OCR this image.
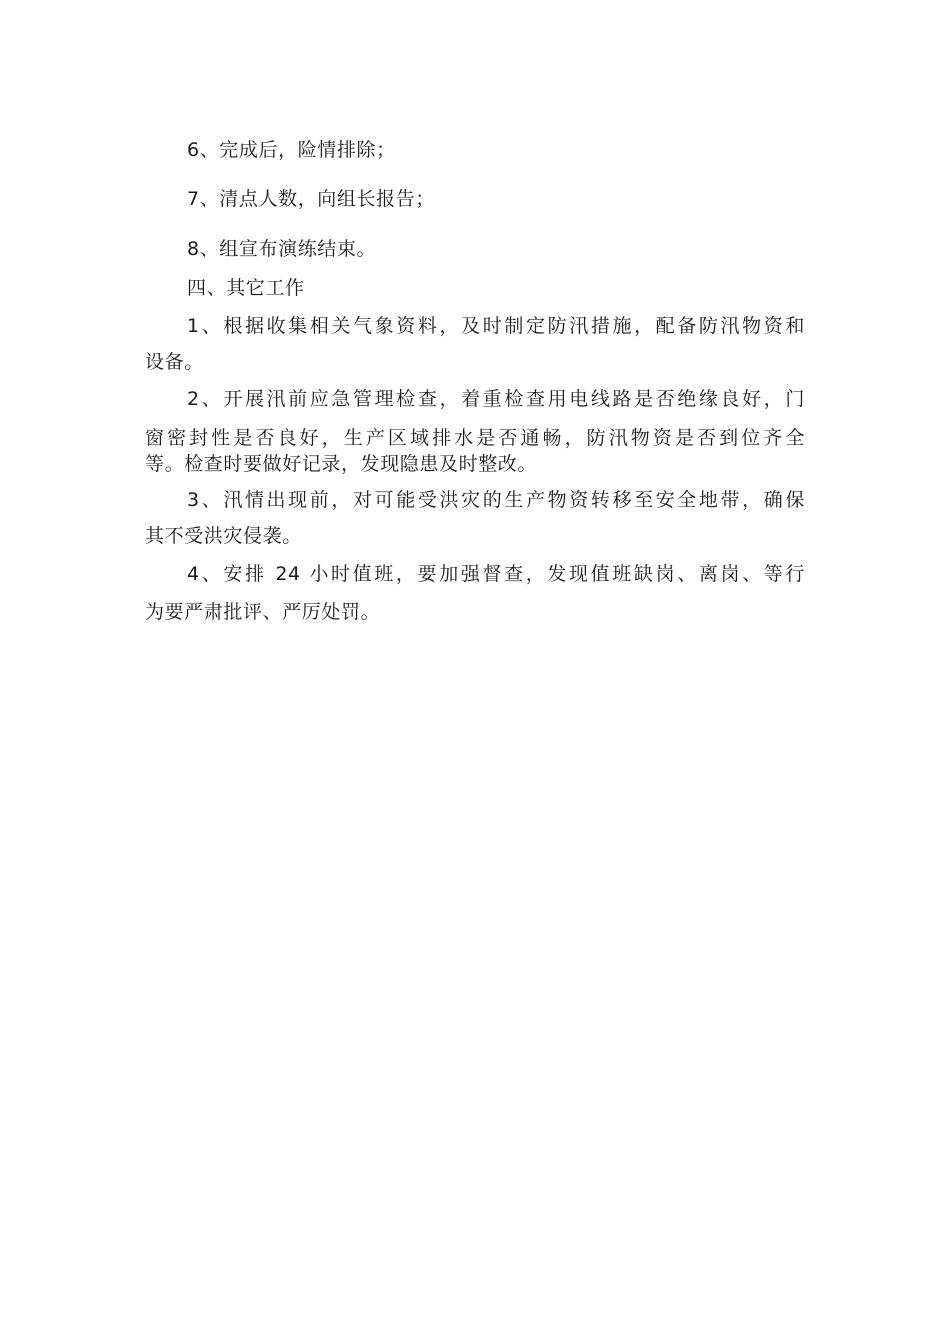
6、完成后，险情排除；
7、清点人数，向组长报告；
8、组宣布演练结束。
四、其它工作
1、根据收集相关气象资料，及时制定防汛措施，配备防汛物资和
设备。
2、开展汛前应急管理检查，着重检查用电线路是否绝缘良好，门
窗密封性是否良好，生产区域排水是否通畅，防汛物资是否到位齐全
等。检查时要做好记录，发现隐患及时整改。
3、汛情出现前，对可能受洪灾的生产物资转移至安全地带，确保
其不受洪灾侵袭。
4、安排 24 小时值班，要加强督查，发现值班缺岗、离岗、等行
为要严肃批评、严厉处罚。
